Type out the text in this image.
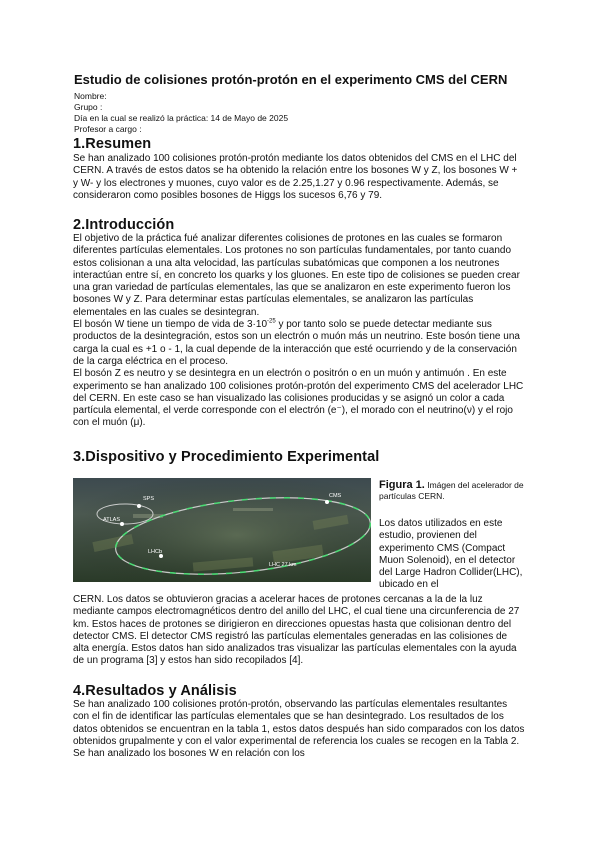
Estudio de colisiones protón-protón en el experimento CMS del CERN
Nombre:
Grupo :
Día en la cual se realizó la práctica: 14 de Mayo de 2025
Profesor a cargo :
1.Resumen

Se han analizado 100 colisiones protón-protón mediante los datos obtenidos del CMS en el LHC del CERN. A través de estos datos se ha obtenido la relación entre los bosones W y Z, los bosones W + y W- y los electrones y muones, cuyo valor es de 2.25,1.27 y 0.96 respectivamente. Además, se consideraron como posibles bosones de Higgs los sucesos 6,76 y 79.

2.Introducción

El objetivo de la práctica fué analizar diferentes colisiones de protones en las cuales se formaron diferentes partículas elementales. Los protones no son partículas fundamentales, por tanto cuando estos colisionan a una alta velocidad, las partículas subatómicas que componen a los neutrones interactúan entre sí, en concreto los quarks y los gluones. En este tipo de colisiones se pueden crear una gran variedad de partículas elementales, las que se analizaron en este experimento fueron los bosones W y Z. Para determinar estas partículas elementales, se analizaron las partículas elementales en las cuales se desintegran.

El bosón W tiene un tiempo de vida de $3\cdot 10^{-25}$ y por tanto solo se puede detectar mediante sus productos de la desintegración, estos son un electrón o muón más un neutrino. Este bosón tiene una carga la cual es +1 o - 1, la cual depende de la interacción que esté ocurriendo y de la conservación de la carga eléctrica en el proceso.

El bosón Z es neutro y se desintegra en un electrón o positrón o en un muón y antimuón . En este experimento se han analizado 100 colisiones protón-protón del experimento CMS del acelerador LHC del CERN. En este caso se han visualizado las colisiones producidas y se asignó un color a cada partícula elemental, el verde corresponde con el electrón (e⁻), el morado con el neutrino(ν) y el rojo con el muón (μ).

3.Dispositivo y Procedimiento Experimental
SPS
ATLAS
CMS
LHCb
LHC 27 km
Figura 1. Imágen del acelerador de partículas CERN.
Los datos utilizados en este estudio, provienen del experimento CMS (Compact Muon Solenoid), en el detector del Large Hadron Collider(LHC), ubicado en el

CERN. Los datos se obtuvieron gracias a acelerar haces de protones cercanas a la de la luz mediante campos electromagnéticos dentro del anillo del LHC, el cual tiene una circunferencia de 27 km. Estos haces de protones se dirigieron en direcciones opuestas hasta que colisionan dentro del detector CMS. El detector CMS registró las partículas elementales generadas en las colisiones de alta energía. Estos datos han sido analizados tras visualizar las partículas elementales con la ayuda de un programa [3] y estos han sido recopilados [4].

4.Resultados y Análisis

Se han analizado 100 colisiones protón-protón, observando las partículas elementales resultantes con el fin de identificar las partículas elementales que se han desintegrado. Los resultados de los datos obtenidos se encuentran en la tabla 1, estos datos después han sido comparados con los datos obtenidos grupalmente y con el valor experimental de referencia los cuales se recogen en la Tabla 2. Se han analizado los bosones W en relación con los
